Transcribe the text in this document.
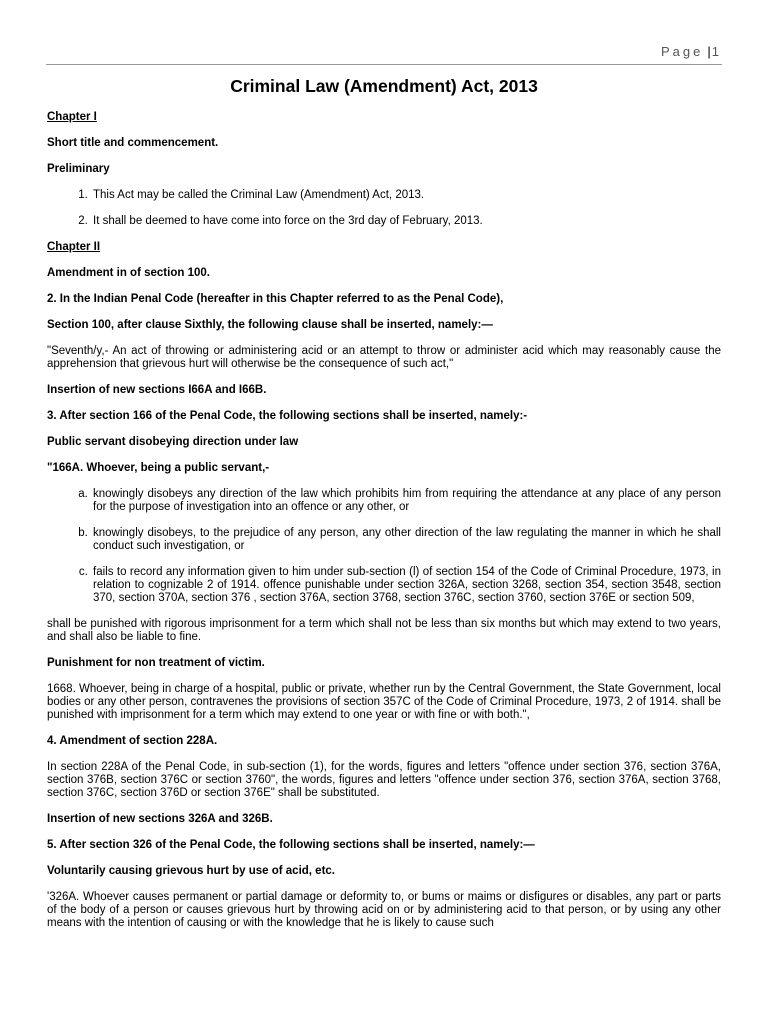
Page |1
Criminal Law (Amendment) Act, 2013

Chapter I

Short title and commencement.

Preliminary

1. This Act may be called the Criminal Law (Amendment) Act, 2013.
2. It shall be deemed to have come into force on the 3rd day of February, 2013.

Chapter II

Amendment in of section 100.

2. In the Indian Penal Code (hereafter in this Chapter referred to as the Penal Code),

Section 100, after clause Sixthly, the following clause shall be inserted, namely:—

"Seventh/y,- An act of throwing or administering acid or an attempt to throw or administer acid which may reasonably cause the apprehension that grievous hurt will otherwise be the consequence of such act,"

Insertion of new sections I66A and I66B.

3. After section 166 of the Penal Code, the following sections shall be inserted, namely:-

Public servant disobeying direction under law

"166A. Whoever, being a public servant,-

a. knowingly disobeys any direction of the law which prohibits him from requiring the attendance at any place of any person for the purpose of investigation into an offence or any other, or
b. knowingly disobeys, to the prejudice of any person, any other direction of the law regulating the manner in which he shall conduct such investigation, or
c. fails to record any information given to him under sub-section (l) of section 154 of the Code of Criminal Procedure, 1973, in relation to cognizable 2 of 1914. offence punishable under section 326A, section 3268, section 354, section 3548, section 370, section 370A, section 376 , section 376A, section 3768, section 376C, section 3760, section 376E or section 509,

shall be punished with rigorous imprisonment for a term which shall not be less than six months but which may extend to two years, and shall also be liable to fine.

Punishment for non treatment of victim.

1668. Whoever, being in charge of a hospital, public or private, whether run by the Central Government, the State Government, local bodies or any other person, contravenes the provisions of section 357C of the Code of Criminal Procedure, 1973, 2 of 1914. shall be punished with imprisonment for a term which may extend to one year or with fine or with both.",

4. Amendment of section 228A.

In section 228A of the Penal Code, in sub-section (1), for the words, figures and letters "offence under section 376, section 376A, section 376B, section 376C or section 3760", the words, figures and letters "offence under section 376, section 376A, section 3768, section 376C, section 376D or section 376E" shall be substituted.

Insertion of new sections 326A and 326B.

5. After section 326 of the Penal Code, the following sections shall be inserted, namely:—

Voluntarily causing grievous hurt by use of acid, etc.

'326A. Whoever causes permanent or partial damage or deformity to, or bums or maims or disfigures or disables, any part or parts of the body of a person or causes grievous hurt by throwing acid on or by administering acid to that person, or by using any other means with the intention of causing or with the knowledge that he is likely to cause such
